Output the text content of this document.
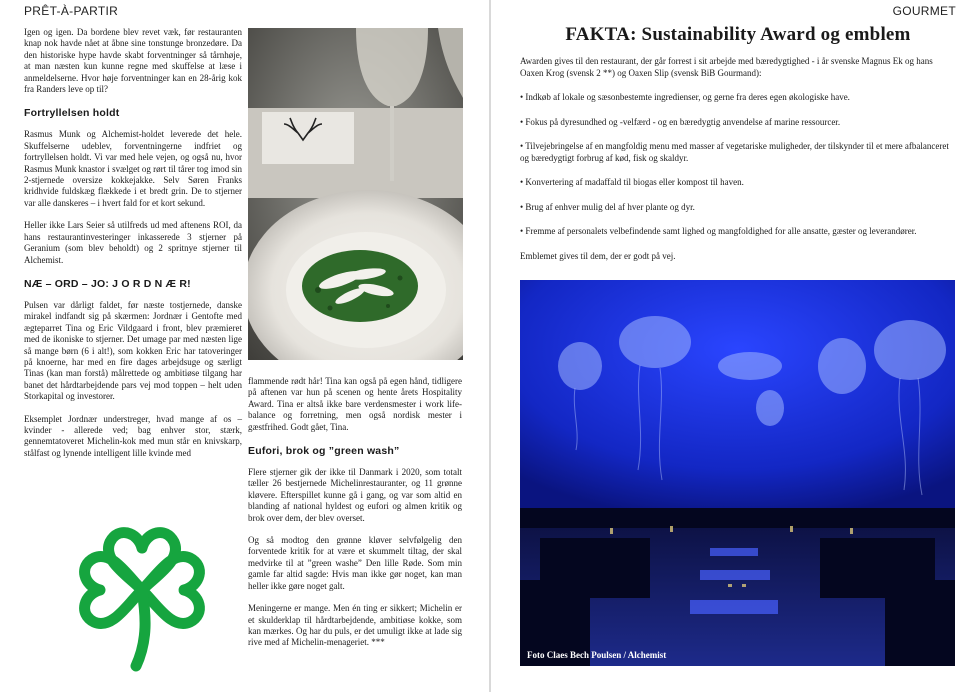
PRÊT-À-PARTIR	GOURMET

Igen og igen. Da bordene blev revet væk, før restauranten knap nok havde nået at åbne sine tonstunge bronzedøre. Da den historiske hype havde skabt forventninger så tårnhøje, at man næsten kun kunne regne med skuffelse at læse i anmeldelserne. Hvor høje forventninger kan en 28-årig kok fra Randers leve op til?

Fortryllelsen holdt

Rasmus Munk og Alchemist-holdet leverede det hele. Skuffelserne udeblev, forventningerne indfriet og fortryllelsen holdt. Vi var med hele vejen, og også nu, hvor Rasmus Munk knastor i svælget og rørt til tårer tog imod sin 2-stjernede oversize kokkejakke. Selv Søren Franks kridhvide fuldskæg flækkede i et bredt grin. De to stjerner var alle danskeres – i hvert fald for et kort sekund.

Heller ikke Lars Seier så utilfreds ud med aftenens ROI, da hans restaurantinvesteringer inkasserede 3 stjerner på Geranium (som blev beholdt) og 2 spritnye stjerner til Alchemist.

NÆ – ORD – JO: J O R D N Æ R!

Pulsen var dårligt faldet, før næste tostjernede, danske mirakel indfandt sig på skærmen: Jordnær i Gentofte med ægteparret Tina og Eric Vildgaard i front, blev præmieret med de ikoniske to stjerner. Det umage par med næsten lige så mange børn (6 i alt!), som kokken Eric har tatoveringer på knoerne, har med en fire dages arbejdsuge og særligt Tinas (kan man forstå) målrettede og ambitiøse tilgang har banet det hårdtarbejdende pars vej mod toppen – helt uden Storkapital og investorer.

Eksemplet Jordnær understreger, hvad mange af os – kvinder - allerede ved; bag enhver stor, stærk, gennemtatoveret Michelin-kok med mun står en knivskarp, stålfast og lynende intelligent lille kvinde med

flammende rødt hår! Tina kan også på egen hånd, tidligere på aftenen var hun på scenen og hente årets Hospitality Award. Tina er altså ikke bare verdensmester i work life-balance og forretning, men også nordisk mester i gæstfrihed. Godt gået, Tina.

Eufori, brok og ”green wash”

Flere stjerner gik der ikke til Danmark i 2020, som totalt tæller 26 bestjernede Michelinrestauranter, og 11 grønne kløvere. Efterspillet kunne gå i gang, og var som altid en blanding af national hyldest og eufori og almen kritik og brok over dem, der blev overset.

Og så modtog den grønne kløver selvfølgelig den forventede kritik for at være et skummelt tiltag, der skal medvirke til at ”green washe” Den lille Røde. Som min gamle far altid sagde: Hvis man ikke gør noget, kan man heller ikke gøre noget galt.

Meningerne er mange. Men én ting er sikkert; Michelin er et skulderklap til hårdtarbejdende, ambitiøse kokke, som kan mærkes. Og har du puls, er det umuligt ikke at lade sig rive med af Michelin-menageriet. ***

FAKTA: Sustainability Award og emblem

Awarden gives til den restaurant, der går forrest i sit arbejde med bæredygtighed - i år svenske Magnus Ek og hans Oaxen Krog (svensk 2 **) og Oaxen Slip (svensk BiB Gourmand):

• Indkøb af lokale og sæsonbestemte ingredienser, og gerne fra deres egen økologiske have.

• Fokus på dyresundhed og -velfærd - og en bæredygtig anvendelse af marine ressourcer.

• Tilvejebringelse af en mangfoldig menu med masser af vegetariske muligheder, der tilskynder til et mere afbalanceret og bæredygtigt forbrug af kød, fisk og skaldyr.

• Konvertering af madaffald til biogas eller kompost til haven.

• Brug af enhver mulig del af hver plante og dyr.

• Fremme af personalets velbefindende samt lighed og mangfoldighed for alle ansatte, gæster og leverandører.

Emblemet gives til dem, der er godt på vej.

Foto Claes Bech Poulsen / Alchemist
